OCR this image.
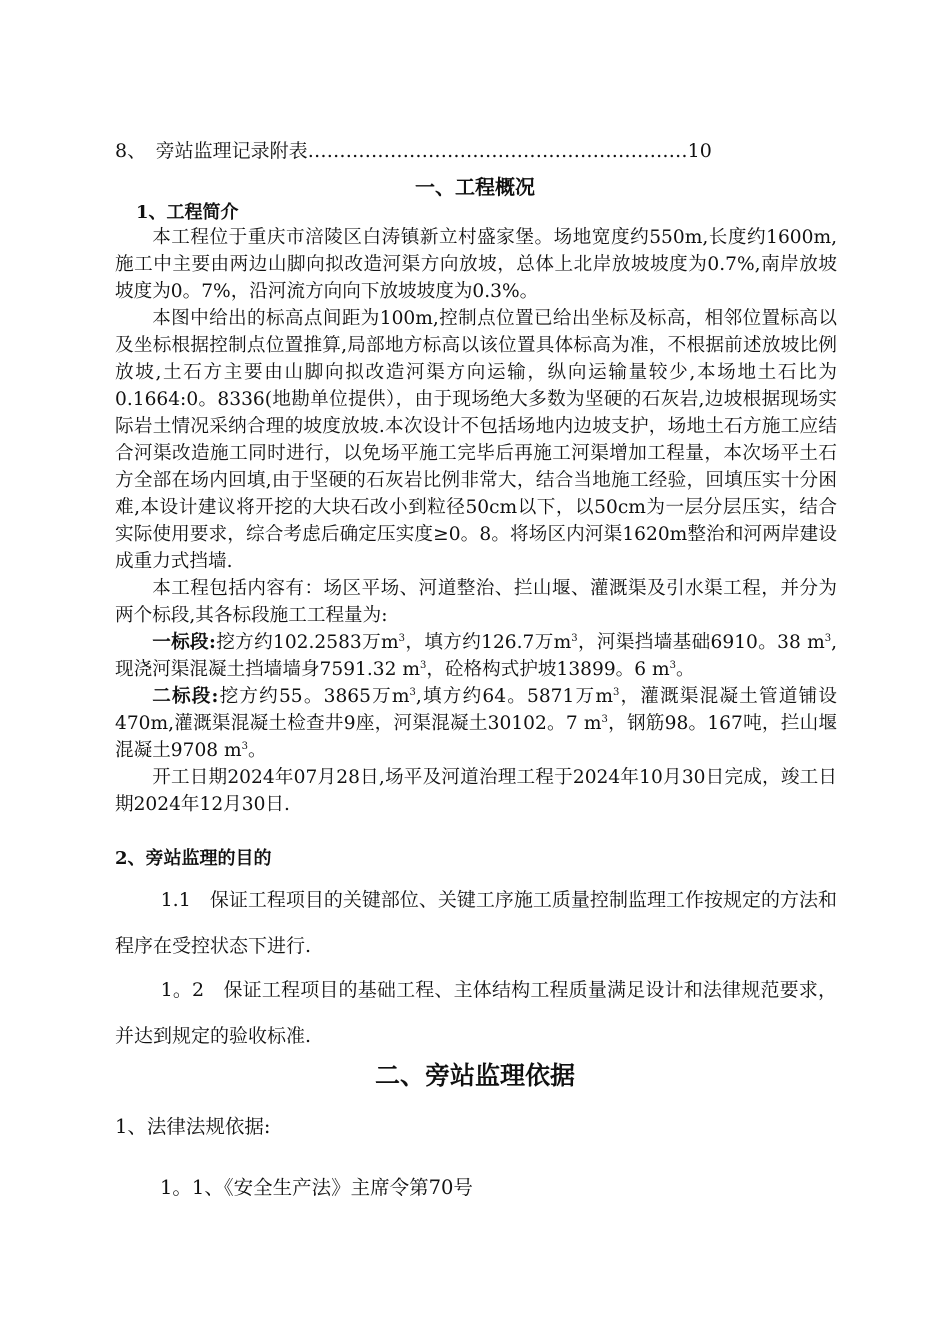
8、　 旁站监理记录附表……………………………………………………10
一、工程概况
1、工程简介

本工程位于重庆市涪陵区白涛镇新立村盛家堡。场地宽度约550m,长度约1600m,施工中主要由两边山脚向拟改造河渠方向放坡，总体上北岸放坡坡度为0.7%,南岸放坡坡度为0。7%，沿河流方向向下放坡坡度为0.3%。

本图中给出的标高点间距为100m,控制点位置已给出坐标及标高，相邻位置标高以及坐标根据控制点位置推算,局部地方标高以该位置具体标高为准，不根据前述放坡比例放坡,土石方主要由山脚向拟改造河渠方向运输，纵向运输量较少,本场地土石比为0.1664:0。8336(地勘单位提供），由于现场绝大多数为坚硬的石灰岩,边坡根据现场实际岩土情况采纳合理的坡度放坡.本次设计不包括场地内边坡支护，场地土石方施工应结合河渠改造施工同时进行，以免场平施工完毕后再施工河渠增加工程量，本次场平土石方全部在场内回填,由于坚硬的石灰岩比例非常大，结合当地施工经验，回填压实十分困难,本设计建议将开挖的大块石改小到粒径50cm以下，以50cm为一层分层压实，结合实际使用要求，综合考虑后确定压实度≥0。8。将场区内河渠1620m整治和河两岸建设成重力式挡墙.

本工程包括内容有：场区平场、河道整治、拦山堰、灌溉渠及引水渠工程，并分为两个标段,其各标段施工工程量为:

一标段:挖方约102.2583万$m^3$，填方约126.7万$m^3$，河渠挡墙基础6910。38 $m^3$,现浇河渠混凝土挡墙墙身7591.32 $m^3$，砼格构式护坡13899。6 $m^3$。

二标段:挖方约55。3865万$m^3$,填方约64。5871万$m^3$，灌溉渠混凝土管道铺设470m,灌溉渠混凝土检查井9座，河渠混凝土30102。7 $m^3$，钢筋98。167吨，拦山堰混凝土9708 $m^3$。

开工日期2024年07月28日,场平及河道治理工程于2024年10月30日完成，竣工日期2024年12月30日.

2、旁站监理的目的

1.1　保证工程项目的关键部位、关键工序施工质量控制监理工作按规定的方法和程序在受控状态下进行.

1。2　保证工程项目的基础工程、主体结构工程质量满足设计和法律规范要求，并达到规定的验收标准.

二、旁站监理依据
1、法律法规依据:
1。1、《安全生产法》主席令第70号
